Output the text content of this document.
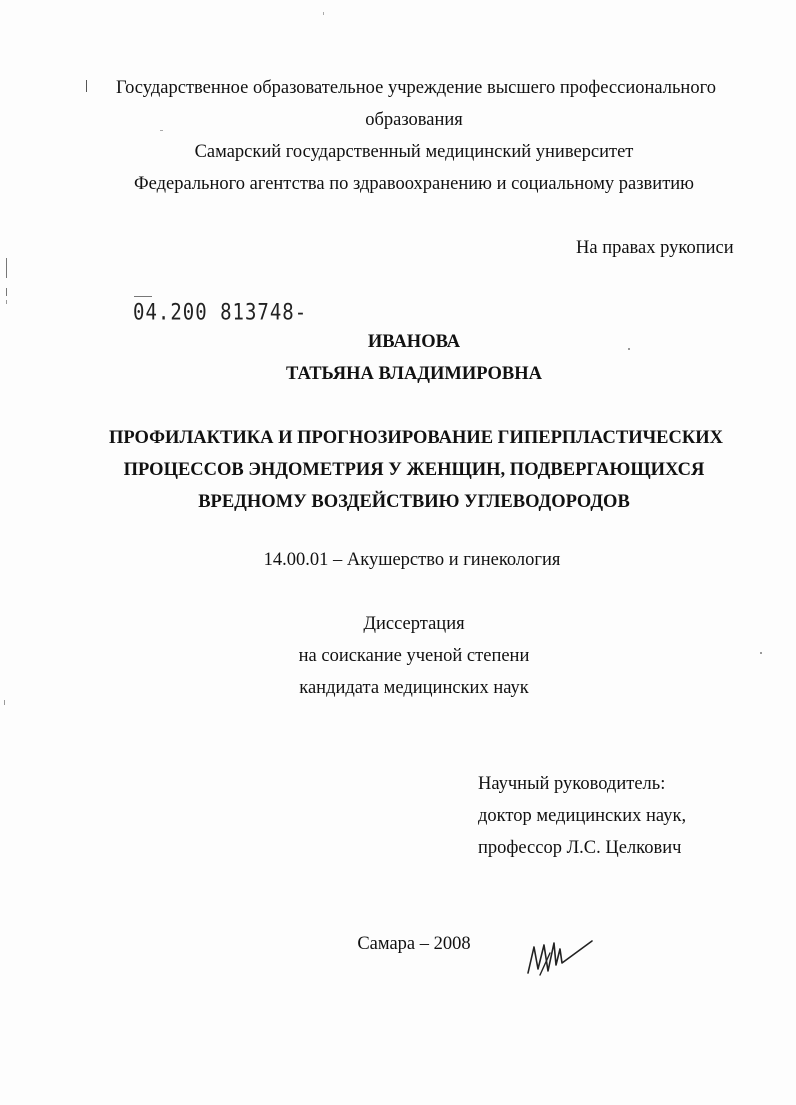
Государственное образовательное учреждение высшего профессионального
образования
Самарский государственный медицинский университет
Федерального агентства по здравоохранению и социальному развитию
На правах рукописи
04.200 813748-
ИВАНОВА
ТАТЬЯНА ВЛАДИМИРОВНА
ПРОФИЛАКТИКА И ПРОГНОЗИРОВАНИЕ ГИПЕРПЛАСТИЧЕСКИХ
ПРОЦЕССОВ ЭНДОМЕТРИЯ У ЖЕНЩИН, ПОДВЕРГАЮЩИХСЯ
ВРЕДНОМУ ВОЗДЕЙСТВИЮ УГЛЕВОДОРОДОВ
14.00.01 – Акушерство и гинекология
Диссертация
на соискание ученой степени
кандидата медицинских наук
Научный руководитель:
доктор медицинских наук,
профессор Л.С. Целкович
Самара – 2008
